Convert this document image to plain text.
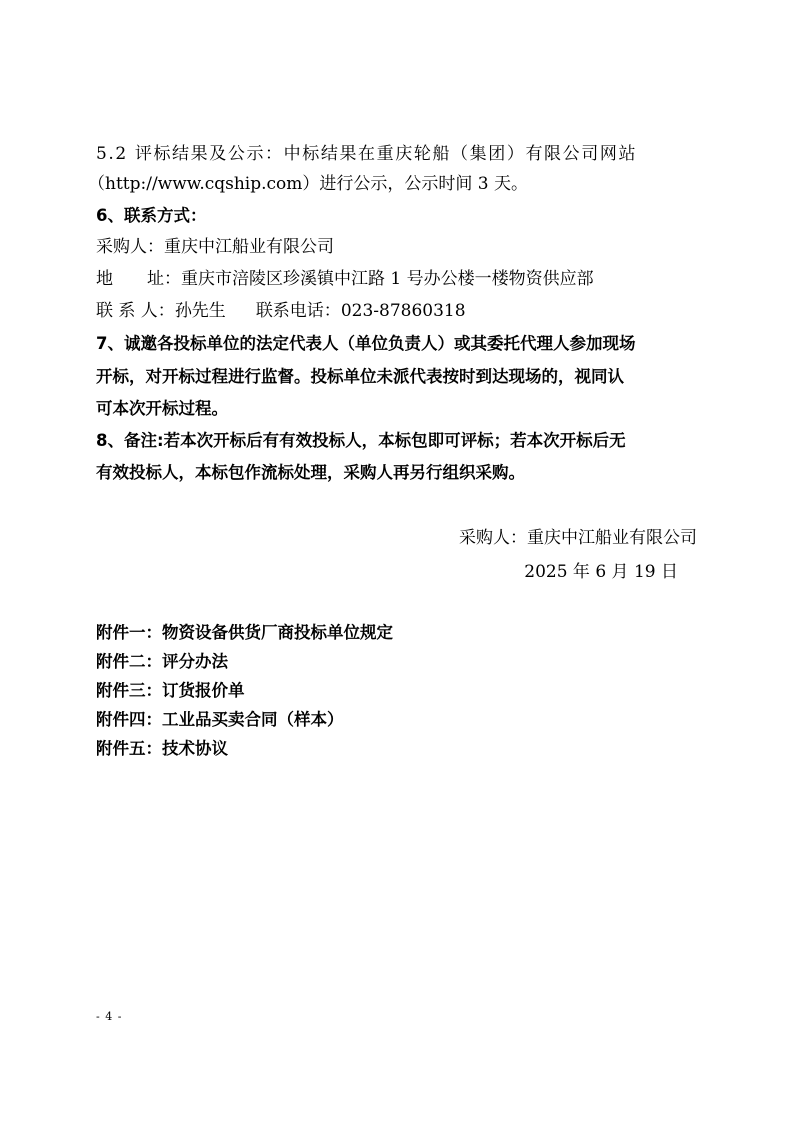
5.2 评标结果及公示：中标结果在重庆轮船（集团）有限公司网站
（http://www.cqship.com）进行公示，公示时间 3 天。
6、联系方式：
采购人：重庆中江船业有限公司
地 址：重庆市涪陵区珍溪镇中江路 1 号办公楼一楼物资供应部
联 系 人：孙先生 联系电话：023-87860318
7、诚邀各投标单位的法定代表人（单位负责人）或其委托代理人参加现场
开标，对开标过程进行监督。投标单位未派代表按时到达现场的，视同认
可本次开标过程。
8、备注:若本次开标后有有效投标人，本标包即可评标；若本次开标后无
有效投标人，本标包作流标处理，采购人再另行组织采购。
采购人：重庆中江船业有限公司
2025 年 6 月 19 日
附件一：物资设备供货厂商投标单位规定
附件二：评分办法
附件三：订货报价单
附件四：工业品买卖合同（样本）
附件五：技术协议
- 4 -
